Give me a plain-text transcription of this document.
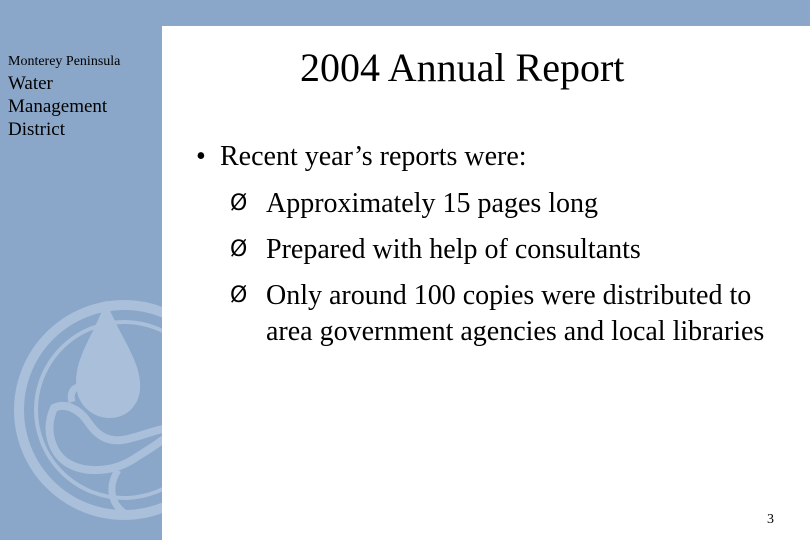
Monterey Peninsula
Water
Management
District
2004 Annual Report
• Recent year’s reports were:
Ø Approximately 15 pages long
Ø Prepared with help of consultants
Ø Only around 100 copies were distributed to area government agencies and local libraries
3
